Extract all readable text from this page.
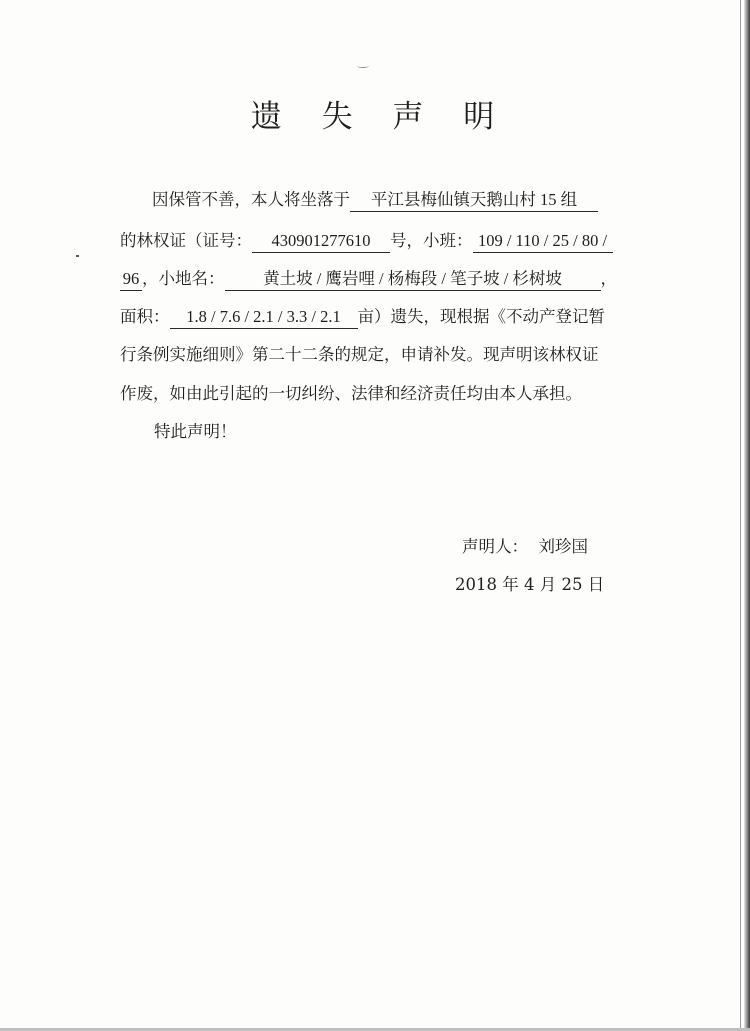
遗 失 声 明
因保管不善，本人将坐落于 平江县梅仙镇天鹅山村 15 组
的林权证（证号： 430901277610 号，小班： 109 / 110 / 25 / 80 /
96 ，小地名： 黄土坡 / 鹰岩哩 / 杨梅段 / 笔子坡 / 杉树坡 ，
面积： 1.8 / 7.6 / 2.1 / 3.3 / 2.1 亩）遗失，现根据《不动产登记暂
行条例实施细则》第二十二条的规定，申请补发。现声明该林权证
作废，如由此引起的一切纠纷、法律和经济责任均由本人承担。
特此声明！
声明人： 刘珍国
2018 年 4 月 25 日
